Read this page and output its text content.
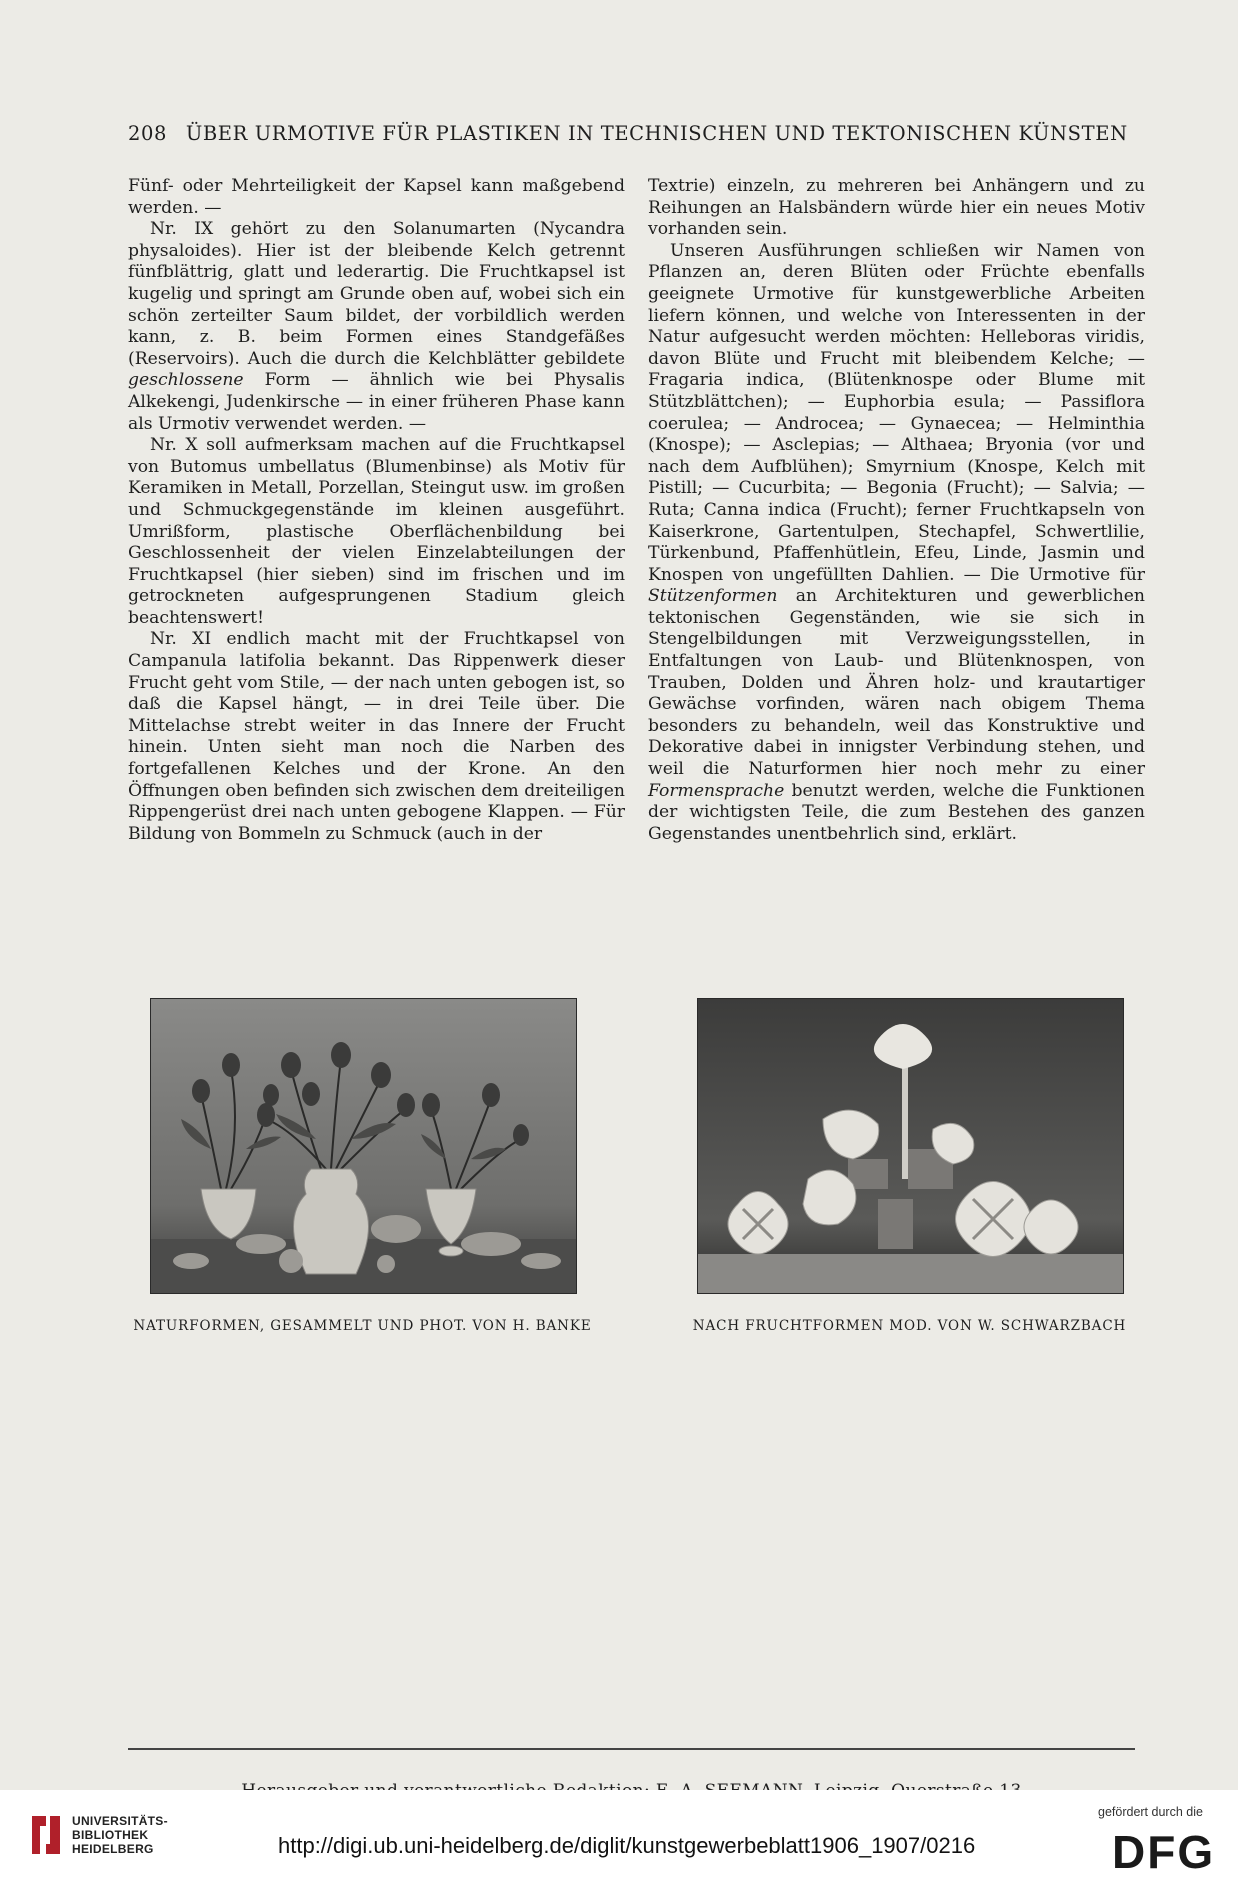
208 ÜBER URMOTIVE FÜR PLASTIKEN IN TECHNISCHEN UND TEKTONISCHEN KÜNSTEN

Fünf- oder Mehrteiligkeit der Kapsel kann maßgebend werden. —

Nr. IX gehört zu den Solanumarten (Nycandra physaloides). Hier ist der bleibende Kelch getrennt fünfblättrig, glatt und lederartig. Die Fruchtkapsel ist kugelig und springt am Grunde oben auf, wobei sich ein schön zerteilter Saum bildet, der vorbildlich werden kann, z. B. beim Formen eines Standgefäßes (Reservoirs). Auch die durch die Kelchblätter gebildete geschlossene Form — ähnlich wie bei Physalis Alkekengi, Judenkirsche — in einer früheren Phase kann als Urmotiv verwendet werden. —

Nr. X soll aufmerksam machen auf die Fruchtkapsel von Butomus umbellatus (Blumenbinse) als Motiv für Keramiken in Metall, Porzellan, Steingut usw. im großen und Schmuckgegenstände im kleinen ausgeführt. Umrißform, plastische Oberflächenbildung bei Geschlossenheit der vielen Einzelabteilungen der Fruchtkapsel (hier sieben) sind im frischen und im getrockneten aufgesprungenen Stadium gleich beachtenswert!

Nr. XI endlich macht mit der Fruchtkapsel von Campanula latifolia bekannt. Das Rippenwerk dieser Frucht geht vom Stile, — der nach unten gebogen ist, so daß die Kapsel hängt, — in drei Teile über. Die Mittelachse strebt weiter in das Innere der Frucht hinein. Unten sieht man noch die Narben des fortgefallenen Kelches und der Krone. An den Öffnungen oben befinden sich zwischen dem dreiteiligen Rippengerüst drei nach unten gebogene Klappen. — Für Bildung von Bommeln zu Schmuck (auch in der

Textrie) einzeln, zu mehreren bei Anhängern und zu Reihungen an Halsbändern würde hier ein neues Motiv vorhanden sein.

Unseren Ausführungen schließen wir Namen von Pflanzen an, deren Blüten oder Früchte ebenfalls geeignete Urmotive für kunstgewerbliche Arbeiten liefern können, und welche von Interessenten in der Natur aufgesucht werden möchten: Helleboras viridis, davon Blüte und Frucht mit bleibendem Kelche; — Fragaria indica, (Blütenknospe oder Blume mit Stützblättchen); — Euphorbia esula; — Passiflora coerulea; — Androcea; — Gynaecea; — Helminthia (Knospe); — Asclepias; — Althaea; Bryonia (vor und nach dem Aufblühen); Smyrnium (Knospe, Kelch mit Pistill; — Cucurbita; — Begonia (Frucht); — Salvia; — Ruta; Canna indica (Frucht); ferner Fruchtkapseln von Kaiserkrone, Gartentulpen, Stechapfel, Schwertlilie, Türkenbund, Pfaffenhütlein, Efeu, Linde, Jasmin und Knospen von ungefüllten Dahlien. — Die Urmotive für Stützenformen an Architekturen und gewerblichen tektonischen Gegenständen, wie sie sich in Stengelbildungen mit Verzweigungsstellen, in Entfaltungen von Laub- und Blütenknospen, von Trauben, Dolden und Ähren holz- und krautartiger Gewächse vorfinden, wären nach obigem Thema besonders zu behandeln, weil das Konstruktive und Dekorative dabei in innigster Verbindung stehen, und weil die Naturformen hier noch mehr zu einer Formensprache benutzt werden, welche die Funktionen der wichtigsten Teile, die zum Bestehen des ganzen Gegenstandes unentbehrlich sind, erklärt.

NATURFORMEN, GESAMMELT UND PHOT. VON H. BANKE	NACH FRUCHTFORMEN MOD. VON W. SCHWARZBACH
UNIVERSITÄTS-
BIBLIOTHEK
HEIDELBERG	http://digi.ub.uni-heidelberg.de/diglit/kunstgewerbeblatt1906_1907/0216
gefördert durch die
DFG
